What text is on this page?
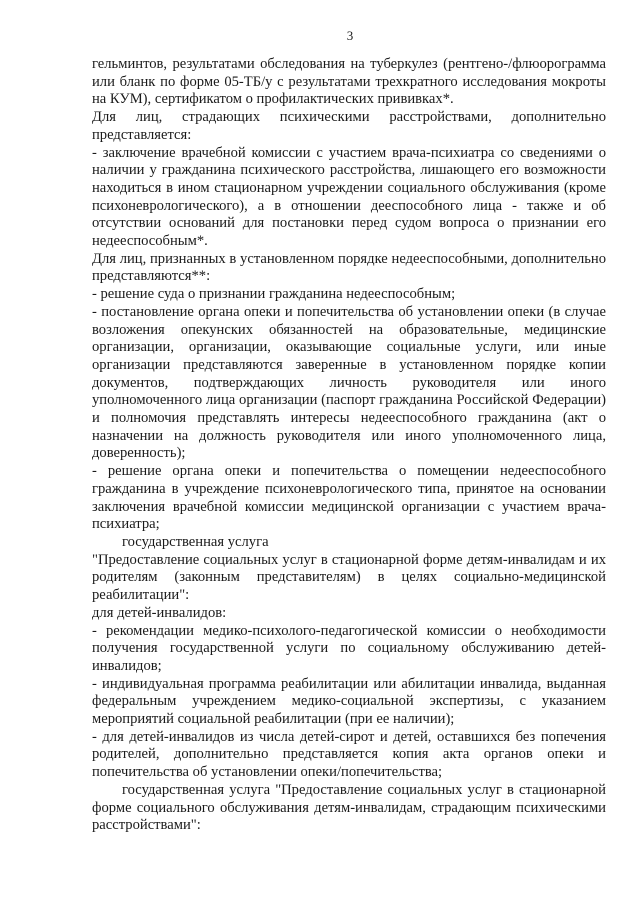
3

гельминтов, результатами обследования на туберкулез (рентгено-/флюорограмма или бланк по форме 05-ТБ/у с результатами трехкратного исследования мокроты на КУМ), сертификатом о профилактических прививках*.

Для лиц, страдающих психическими расстройствами, дополнительно представляется:

- заключение врачебной комиссии с участием врача-психиатра со сведениями о наличии у гражданина психического расстройства, лишающего его возможности находиться в ином стационарном учреждении социального обслуживания (кроме психоневрологического), а в отношении дееспособного лица - также и об отсутствии оснований для постановки перед судом вопроса о признании его недееспособным*.

Для лиц, признанных в установленном порядке недееспособными, дополнительно представляются**:

- решение суда о признании гражданина недееспособным;

- постановление органа опеки и попечительства об установлении опеки (в случае возложения опекунских обязанностей на образовательные, медицинские организации, организации, оказывающие социальные услуги, или иные организации представляются заверенные в установленном порядке копии документов, подтверждающих личность руководителя или иного уполномоченного лица организации (паспорт гражданина Российской Федерации) и полномочия представлять интересы недееспособного гражданина (акт о назначении на должность руководителя или иного уполномоченного лица, доверенность);

- решение органа опеки и попечительства о помещении недееспособного гражданина в учреждение психоневрологического типа, принятое на основании заключения врачебной комиссии медицинской организации с участием врача-психиатра;

государственная услуга

"Предоставление социальных услуг в стационарной форме детям-инвалидам и их родителям (законным представителям) в целях социально-медицинской реабилитации":

для детей-инвалидов:

- рекомендации медико-психолого-педагогической комиссии о необходимости получения государственной услуги по социальному обслуживанию детей-инвалидов;

- индивидуальная программа реабилитации или абилитации инвалида, выданная федеральным учреждением медико-социальной экспертизы, с указанием мероприятий социальной реабилитации (при ее наличии);

- для детей-инвалидов из числа детей-сирот и детей, оставшихся без попечения родителей, дополнительно представляется копия акта органов опеки и попечительства об установлении опеки/попечительства;

государственная услуга "Предоставление социальных услуг в стационарной форме социального обслуживания детям-инвалидам, страдающим психическими расстройствами":
